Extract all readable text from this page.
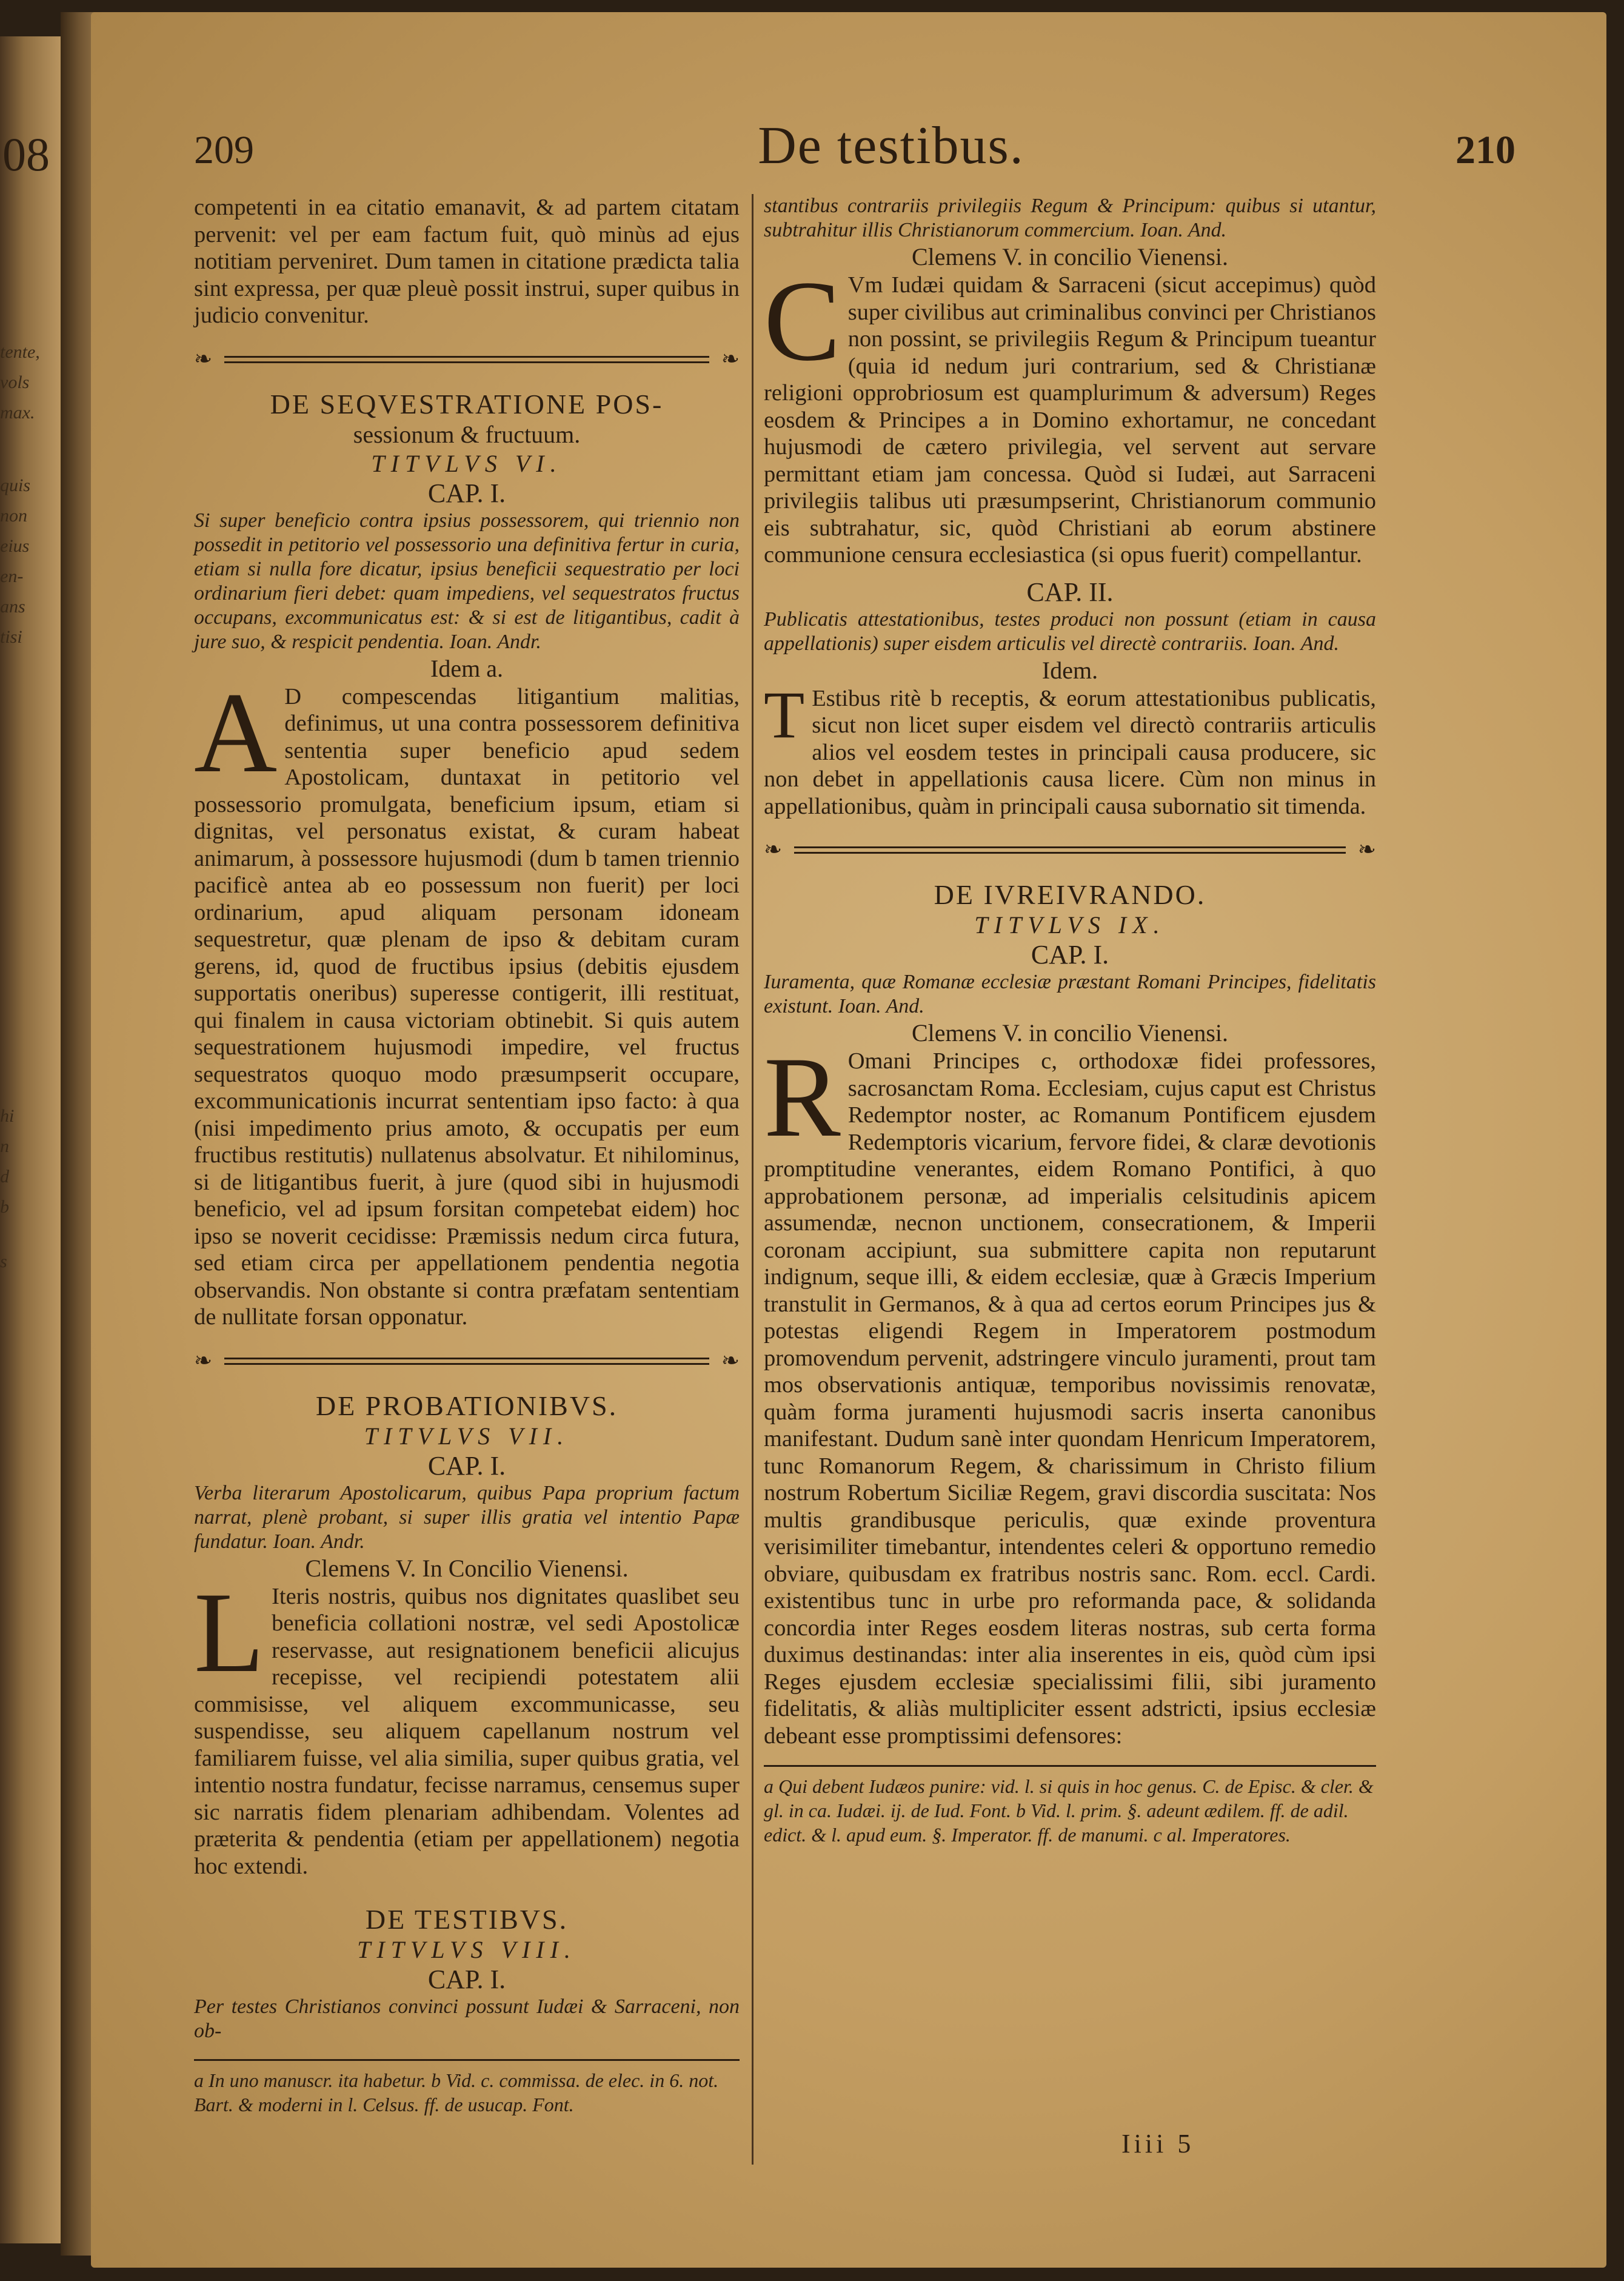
08
tente,
vols
max.
quis
non
eius
en-
ans
tisi
hi
n
d
b
s
209	De testibus.	210

competenti in ea citatio emanavit, & ad partem citatam pervenit: vel per eam factum fuit, quò minùs ad ejus notitiam perveniret. Dum tamen in citatione prædicta talia sint expressa, per quæ pleuè possit instrui, super quibus in judicio convenitur.

❧	❧

DE SEQVESTRATIONE POS-

sessionum & fructuum.

TITVLVS VI.

CAP. I.

Si super beneficio contra ipsius possessorem, qui triennio non possedit in petitorio vel possessorio una definitiva fertur in curia, etiam si nulla fore dicatur, ipsius beneficii sequestratio per loci ordinarium fieri debet: quam impediens, vel sequestratos fructus occupans, excommunicatus est: & si est de litigantibus, cadit à jure suo, & respicit pendentia. Ioan. Andr.

Idem a.

A D compescendas litigantium malitias, definimus, ut una contra possessorem definitiva sententia super beneficio apud sedem Apostolicam, duntaxat in petitorio vel possessorio promulgata, beneficium ipsum, etiam si dignitas, vel personatus existat, & curam habeat animarum, à possessore hujusmodi (dum b tamen triennio pacificè antea ab eo possessum non fuerit) per loci ordinarium, apud aliquam personam idoneam sequestretur, quæ plenam de ipso & debitam curam gerens, id, quod de fructibus ipsius (debitis ejusdem supportatis oneribus) superesse contigerit, illi restituat, qui finalem in causa victoriam obtinebit. Si quis autem sequestrationem hujusmodi impedire, vel fructus sequestratos quoquo modo præsumpserit occupare, excommunicationis incurrat sententiam ipso facto: à qua (nisi impedimento prius amoto, & occupatis per eum fructibus restitutis) nullatenus absolvatur. Et nihilominus, si de litigantibus fuerit, à jure (quod sibi in hujusmodi beneficio, vel ad ipsum forsitan competebat eidem) hoc ipso se noverit cecidisse: Præmissis nedum circa futura, sed etiam circa per appellationem pendentia negotia observandis. Non obstante si contra præfatam sententiam de nullitate forsan opponatur.

❧	❧

DE PROBATIONIBVS.

TITVLVS VII.

CAP. I.

Verba literarum Apostolicarum, quibus Papa proprium factum narrat, plenè probant, si super illis gratia vel intentio Papæ fundatur. Ioan. Andr.

Clemens V. In Concilio Vienensi.

L Iteris nostris, quibus nos dignitates quaslibet seu beneficia collationi nostræ, vel sedi Apostolicæ reservasse, aut resignationem beneficii alicujus recepisse, vel recipiendi potestatem alii commisisse, vel aliquem excommunicasse, seu suspendisse, seu aliquem capellanum nostrum vel familiarem fuisse, vel alia similia, super quibus gratia, vel intentio nostra fundatur, fecisse narramus, censemus super sic narratis fidem plenariam adhibendam. Volentes ad præterita & pendentia (etiam per appellationem) negotia hoc extendi.

DE TESTIBVS.

TITVLVS VIII.

CAP. I.

Per testes Christianos convinci possunt Iudæi & Sarraceni, non ob-

a In uno manuscr. ita habetur. b Vid. c. commissa. de elec. in 6. not. Bart. & moderni in l. Celsus. ff. de usucap. Font.

stantibus contrariis privilegiis Regum & Principum: quibus si utantur, subtrahitur illis Christianorum commercium. Ioan. And.

Clemens V. in concilio Vienensi.

C Vm Iudæi quidam & Sarraceni (sicut accepimus) quòd super civilibus aut criminalibus convinci per Christianos non possint, se privilegiis Regum & Principum tueantur (quia id nedum juri contrarium, sed & Christianæ religioni opprobriosum est quamplurimum & adversum) Reges eosdem & Principes a in Domino exhortamur, ne concedant hujusmodi de cætero privilegia, vel servent aut servare permittant etiam jam concessa. Quòd si Iudæi, aut Sarraceni privilegiis talibus uti præsumpserint, Christianorum communio eis subtrahatur, sic, quòd Christiani ab eorum abstinere communione censura ecclesiastica (si opus fuerit) compellantur.

CAP. II.

Publicatis attestationibus, testes produci non possunt (etiam in causa appellationis) super eisdem articulis vel directè contrariis. Ioan. And.

Idem.

T Estibus ritè b receptis, & eorum attestationibus publicatis, sicut non licet super eisdem vel directò contrariis articulis alios vel eosdem testes in principali causa producere, sic non debet in appellationis causa licere. Cùm non minus in appellationibus, quàm in principali causa subornatio sit timenda.

❧	❧

DE IVREIVRANDO.

TITVLVS IX.

CAP. I.

Iuramenta, quæ Romanæ ecclesiæ præstant Romani Principes, fidelitatis existunt. Ioan. And.

Clemens V. in concilio Vienensi.

R Omani Principes c, orthodoxæ fidei professores, sacrosanctam Roma. Ecclesiam, cujus caput est Christus Redemptor noster, ac Romanum Pontificem ejusdem Redemptoris vicarium, fervore fidei, & claræ devotionis promptitudine venerantes, eidem Romano Pontifici, à quo approbationem personæ, ad imperialis celsitudinis apicem assumendæ, necnon unctionem, consecrationem, & Imperii coronam accipiunt, sua submittere capita non reputarunt indignum, seque illi, & eidem ecclesiæ, quæ à Græcis Imperium transtulit in Germanos, & à qua ad certos eorum Principes jus & potestas eligendi Regem in Imperatorem postmodum promovendum pervenit, adstringere vinculo juramenti, prout tam mos observationis antiquæ, temporibus novissimis renovatæ, quàm forma juramenti hujusmodi sacris inserta canonibus manifestant. Dudum sanè inter quondam Henricum Imperatorem, tunc Romanorum Regem, & charissimum in Christo filium nostrum Robertum Siciliæ Regem, gravi discordia suscitata: Nos multis grandibusque periculis, quæ exinde proventura verisimiliter timebantur, intendentes celeri & opportuno remedio obviare, quibusdam ex fratribus nostris sanc. Rom. eccl. Cardi. existentibus tunc in urbe pro reformanda pace, & solidanda concordia inter Reges eosdem literas nostras, sub certa forma duximus destinandas: inter alia inserentes in eis, quòd cùm ipsi Reges ejusdem ecclesiæ specialissimi filii, sibi juramento fidelitatis, & aliàs multipliciter essent adstricti, ipsius ecclesiæ debeant esse promptissimi defensores:

a Qui debent Iudæos punire: vid. l. si quis in hoc genus. C. de Episc. & cler. & gl. in ca. Iudæi. ij. de Iud. Font. b Vid. l. prim. §. adeunt ædilem. ff. de adil. edict. & l. apud eum. §. Imperator. ff. de manumi. c al. Imperatores.

Iiii 5
